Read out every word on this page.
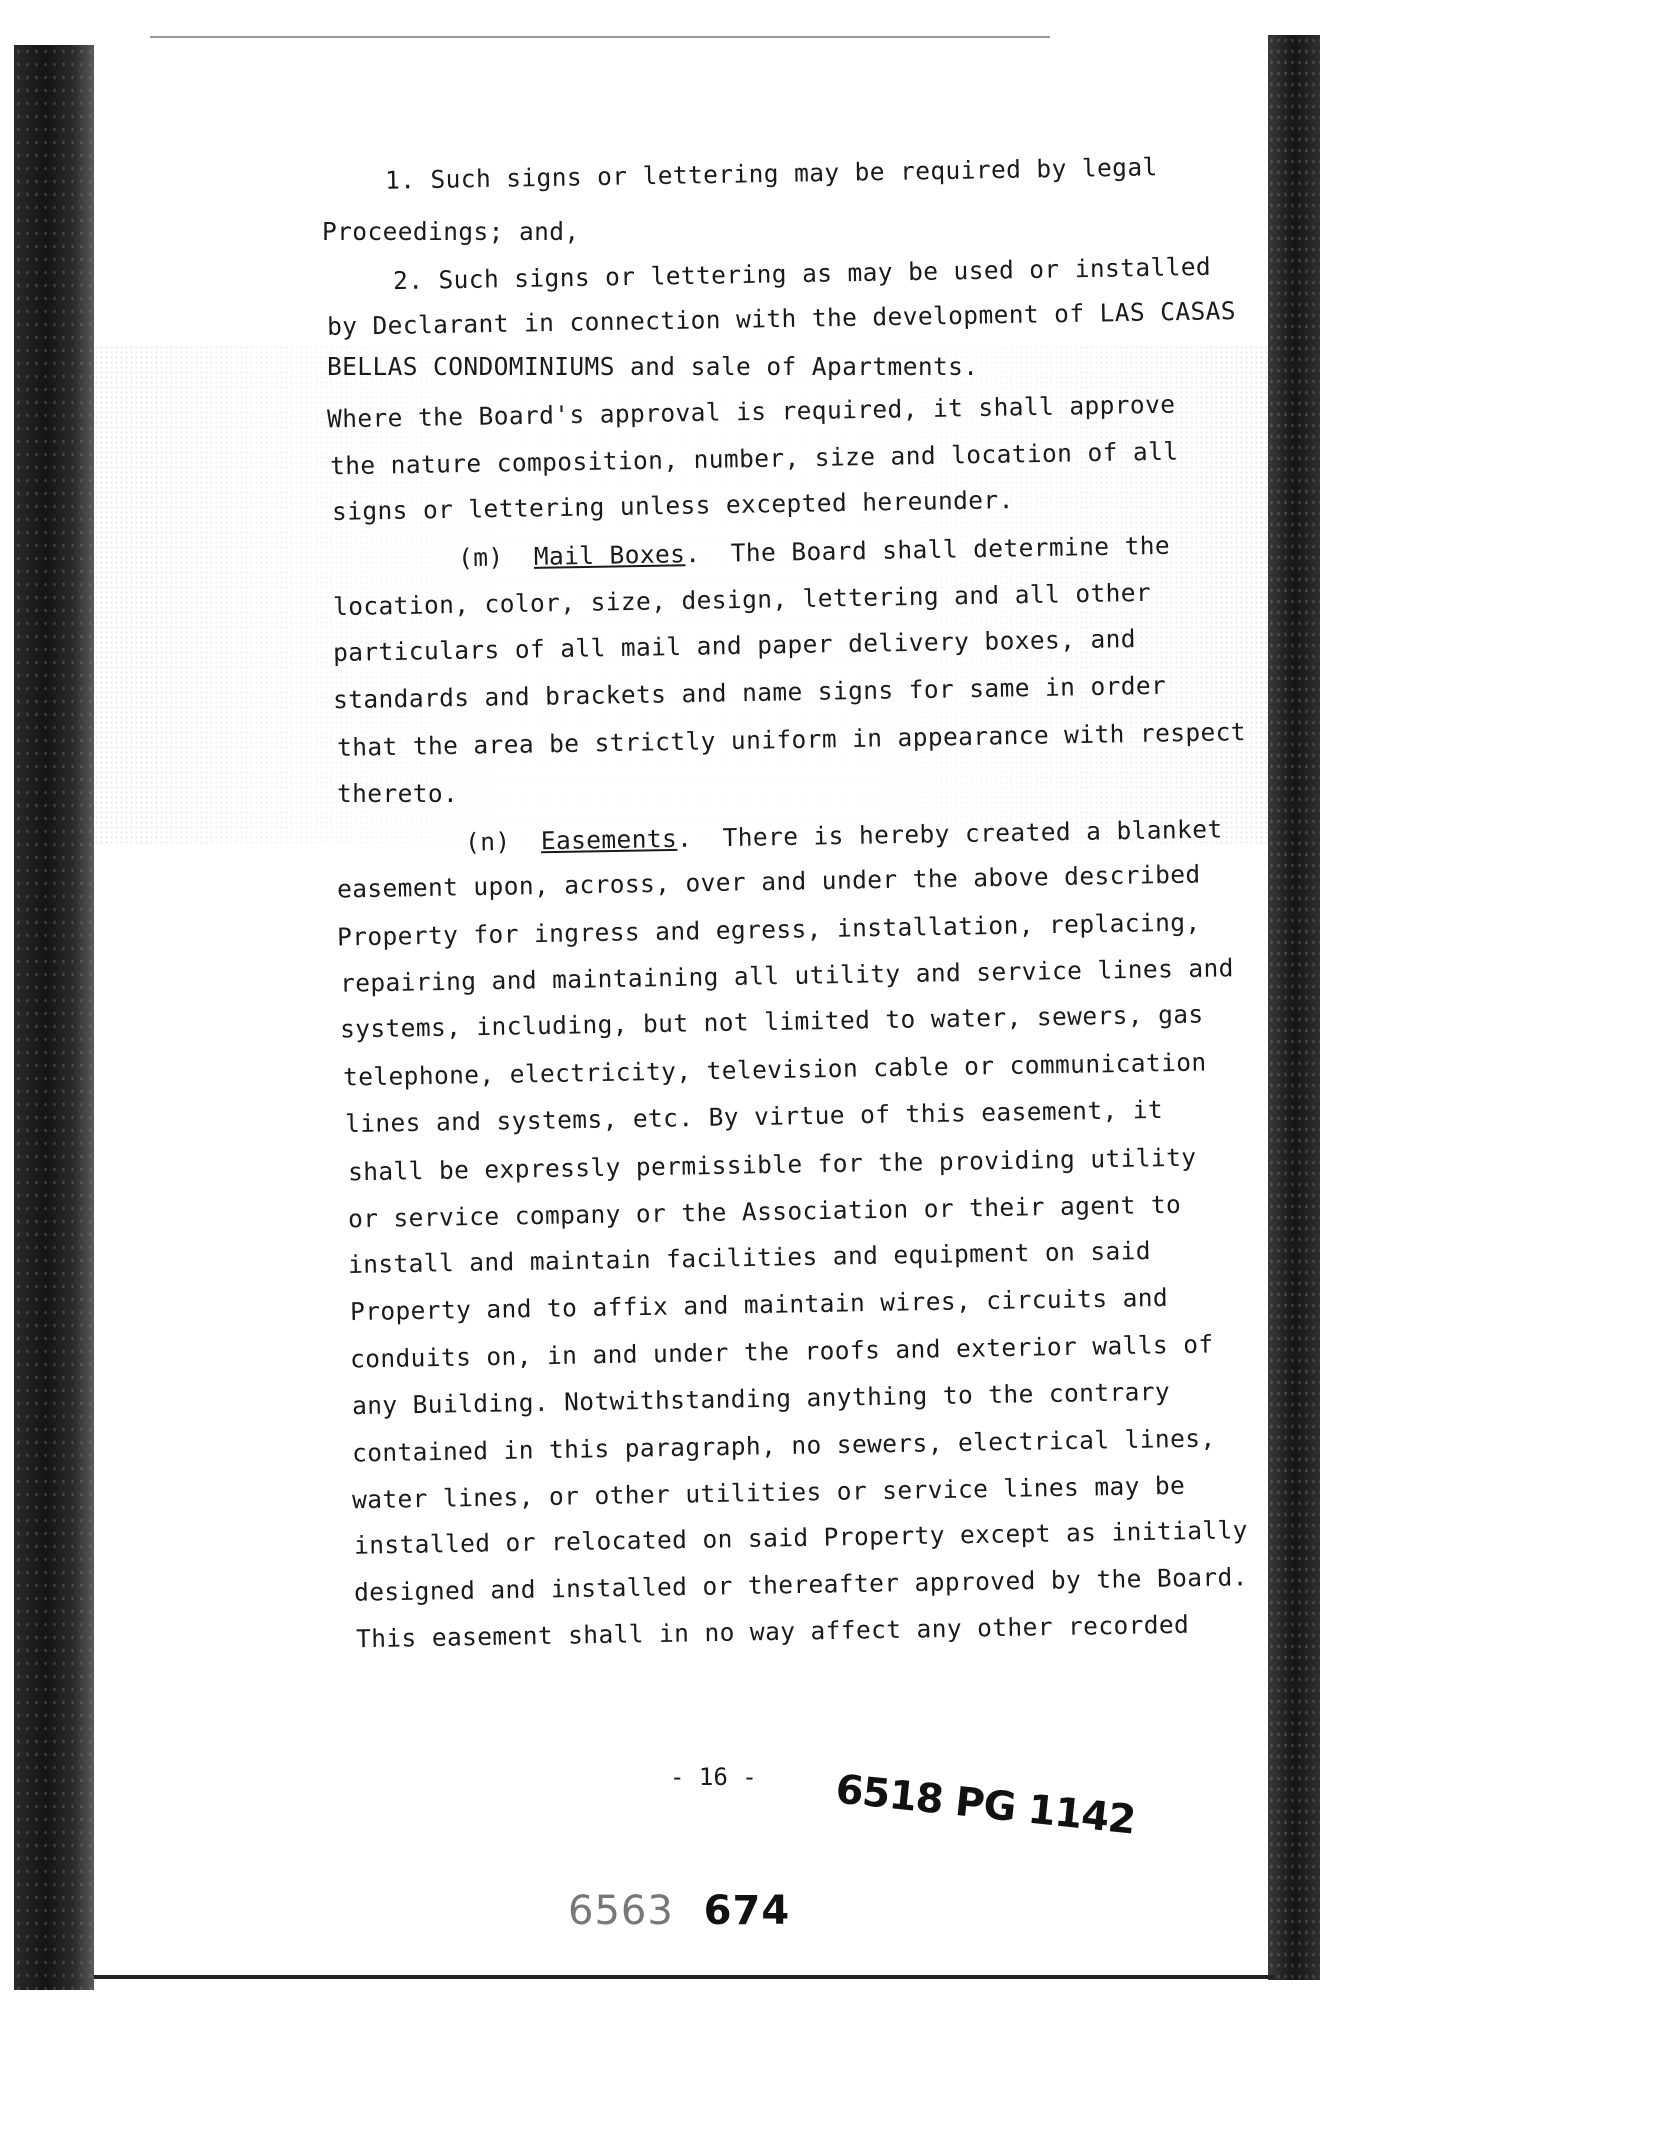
1. Such signs or lettering may be required by legal
Proceedings; and,
2. Such signs or lettering as may be used or installed
by Declarant in connection with the development of LAS CASAS
BELLAS CONDOMINIUMS and sale of Apartments.
Where the Board's approval is required, it shall approve
the nature composition, number, size and location of all
signs or lettering unless excepted hereunder.
(m) Mail Boxes.  The Board shall determine the
location, color, size, design, lettering and all other
particulars of all mail and paper delivery boxes, and
standards and brackets and name signs for same in order
that the area be strictly uniform in appearance with respect
thereto.
(n) Easements.  There is hereby created a blanket
easement upon, across, over and under the above described
Property for ingress and egress, installation, replacing,
repairing and maintaining all utility and service lines and
systems, including, but not limited to water, sewers, gas
telephone, electricity, television cable or communication
lines and systems, etc. By virtue of this easement, it
shall be expressly permissible for the providing utility
or service company or the Association or their agent to
install and maintain facilities and equipment on said
Property and to affix and maintain wires, circuits and
conduits on, in and under the roofs and exterior walls of
any Building. Notwithstanding anything to the contrary
contained in this paragraph, no sewers, electrical lines,
water lines, or other utilities or service lines may be
installed or relocated on said Property except as initially
designed and installed or thereafter approved by the Board.
This easement shall in no way affect any other recorded
- 16 - 6518 PG 1142
6563 674
